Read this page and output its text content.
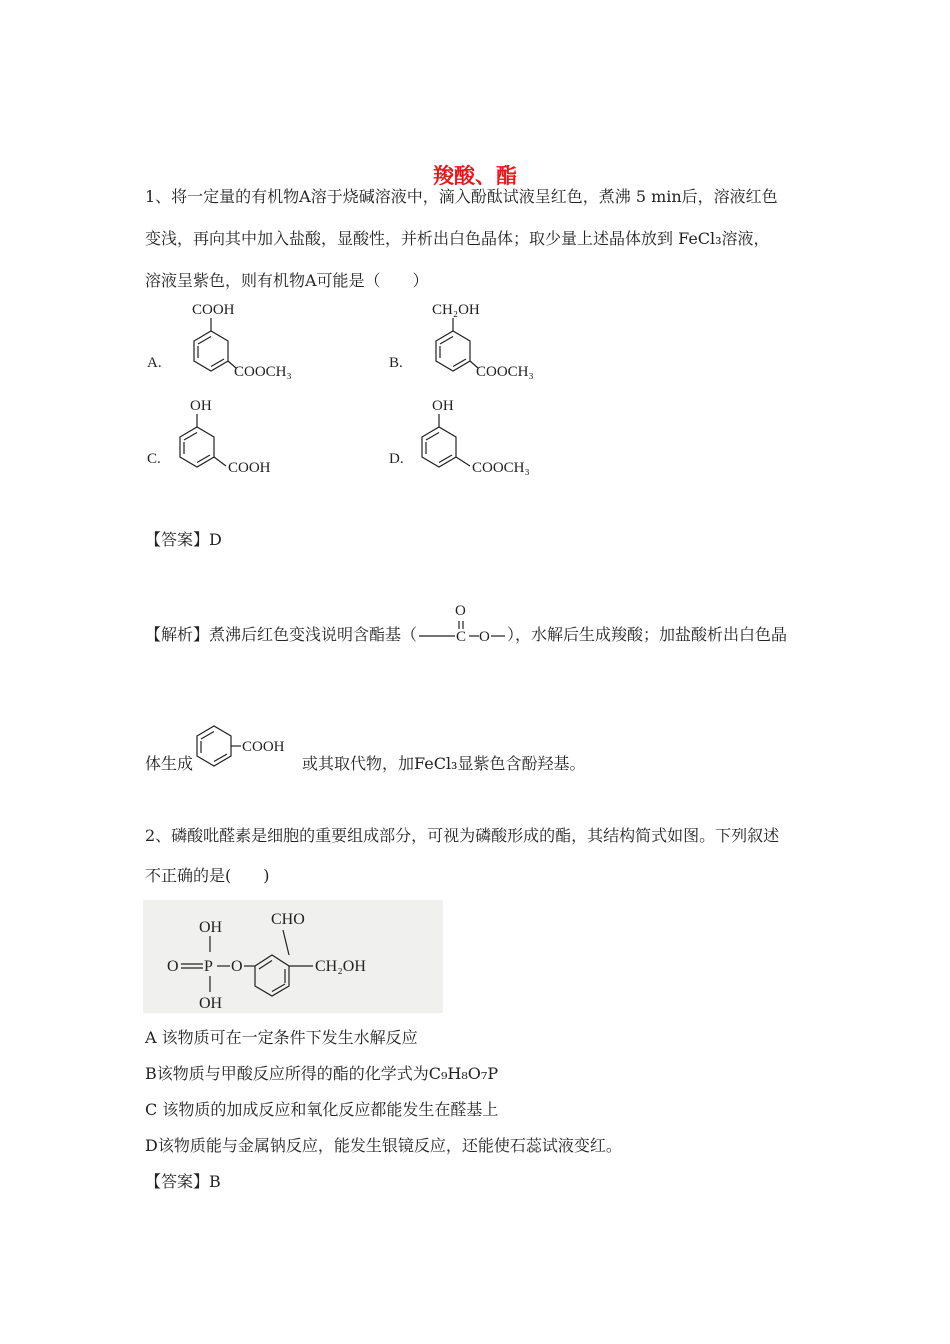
羧酸、酯
1、将一定量的有机物A溶于烧碱溶液中，滴入酚酞试液呈红色，煮沸 5 min后，溶液红色
变浅，再向其中加入盐酸，显酸性，并析出白色晶体；取少量上述晶体放到 FeCl₃溶液，
溶液呈紫色，则有机物A可能是（　　）
A.
COOH
COOCH₃
B.
CH₂OH
COOCH₃
C.
OH
COOH
D.
OH
COOCH₃
【答案】D
【解析】煮沸后红色变浅说明含酯基（
O
C O ），水解后生成羧酸；加盐酸析出白色晶
体生成
COOH
或其取代物，加FeCl₃显紫色含酚羟基。
2、磷酸吡醛素是细胞的重要组成部分，可视为磷酸形成的酯，其结构简式如图。下列叙述
不正确的是(　　)
OH
OH
O P O
CHO
CH₂OH
A 该物质可在一定条件下发生水解反应
B该物质与甲酸反应所得的酯的化学式为C₉H₈O₇P
C 该物质的加成反应和氧化反应都能发生在醛基上
D该物质能与金属钠反应，能发生银镜反应，还能使石蕊试液变红。
【答案】B
